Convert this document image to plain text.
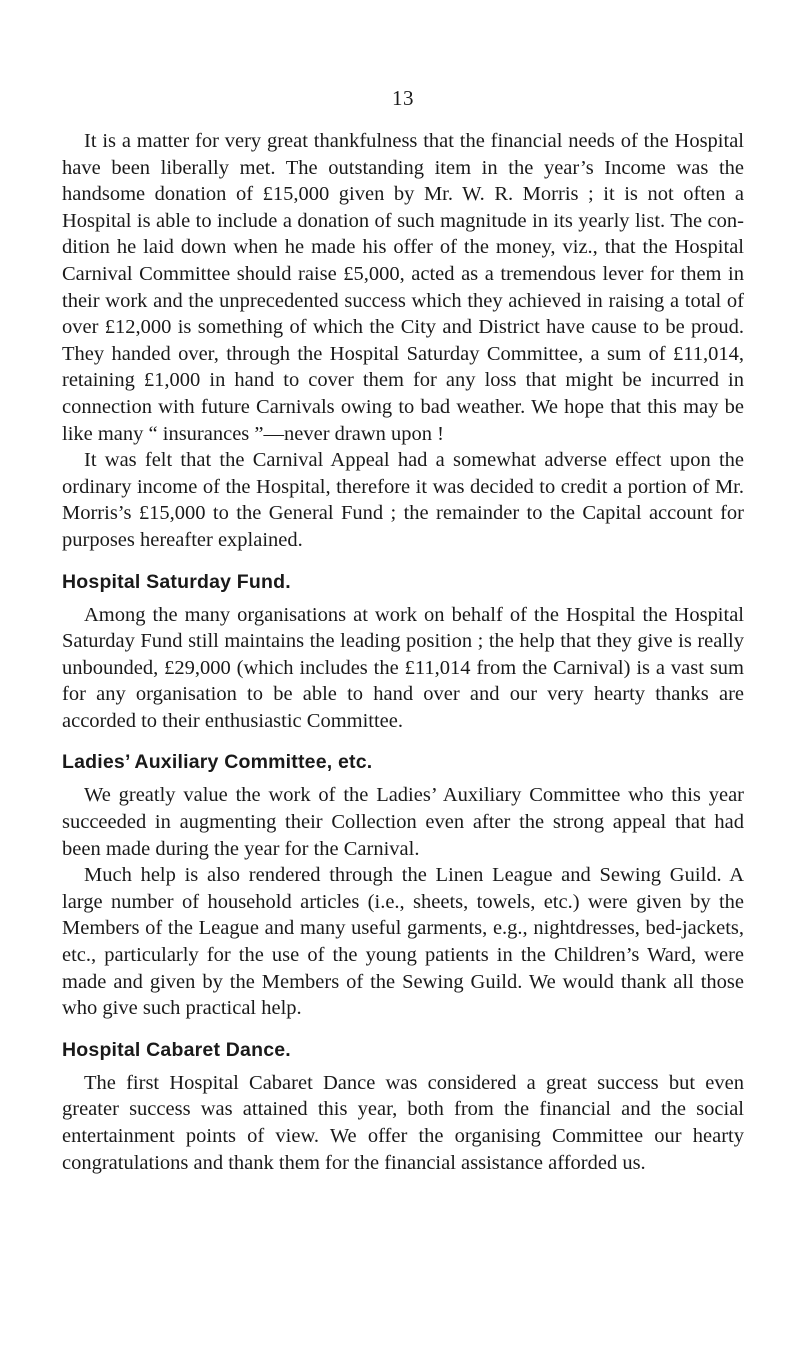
13

It is a matter for very great thankfulness that the financial needs of the Hospital have been liberally met. The outstanding item in the year’s Income was the handsome donation of £15,000 given by Mr. W. R. Morris ; it is not often a Hospital is able to include a donation of such magnitude in its yearly list. The condition he laid down when he made his offer of the money, viz., that the Hospital Carnival Committee should raise £5,000, acted as a tremendous lever for them in their work and the unprecedented success which they achieved in raising a total of over £12,000 is something of which the City and District have cause to be proud. They handed over, through the Hospital Saturday Committee, a sum of £11,014, retaining £1,000 in hand to cover them for any loss that might be incurred in connection with future Carnivals owing to bad weather. We hope that this may be like many “ insurances ”—never drawn upon !

It was felt that the Carnival Appeal had a somewhat adverse effect upon the ordinary income of the Hospital, therefore it was decided to credit a portion of Mr. Morris’s £15,000 to the General Fund ; the remainder to the Capital account for purposes hereafter explained.

Hospital Saturday Fund.

Among the many organisations at work on behalf of the Hospital the Hospital Saturday Fund still maintains the leading position ; the help that they give is really unbounded, £29,000 (which includes the £11,014 from the Carnival) is a vast sum for any organisation to be able to hand over and our very hearty thanks are accorded to their enthusiastic Committee.

Ladies’ Auxiliary Committee, etc.

We greatly value the work of the Ladies’ Auxiliary Committee who this year succeeded in augmenting their Collection even after the strong appeal that had been made during the year for the Carnival.

Much help is also rendered through the Linen League and Sewing Guild. A large number of household articles (i.e., sheets, towels, etc.) were given by the Members of the League and many useful garments, e.g., nightdresses, bed-jackets, etc., particularly for the use of the young patients in the Children’s Ward, were made and given by the Members of the Sewing Guild. We would thank all those who give such practical help.

Hospital Cabaret Dance.

The first Hospital Cabaret Dance was considered a great success but even greater success was attained this year, both from the financial and the social entertainment points of view. We offer the organising Committee our hearty congratulations and thank them for the financial assistance afforded us.
